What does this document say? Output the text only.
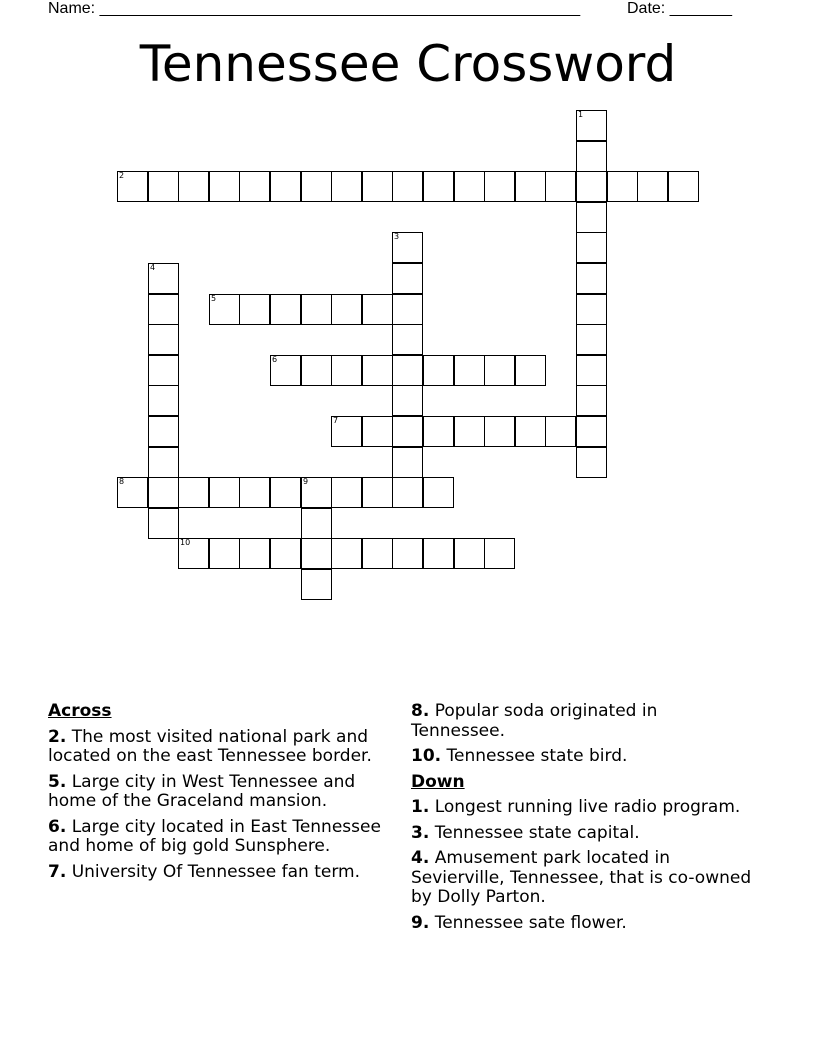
Name: ______________________________________________________	Date: _______
Tennessee Crossword
1
2
3
4
5
6
7
8	9
10
Across
2. The most visited national park and located on the east Tennessee border.
5. Large city in West Tennessee and home of the Graceland mansion.
6. Large city located in East Tennessee and home of big gold Sunsphere.
7. University Of Tennessee fan term.
8. Popular soda originated in Tennessee.
10. Tennessee state bird.
Down
1. Longest running live radio program.
3. Tennessee state capital.
4. Amusement park located in Sevierville, Tennessee, that is co-owned by Dolly Parton.
9. Tennessee sate flower.
